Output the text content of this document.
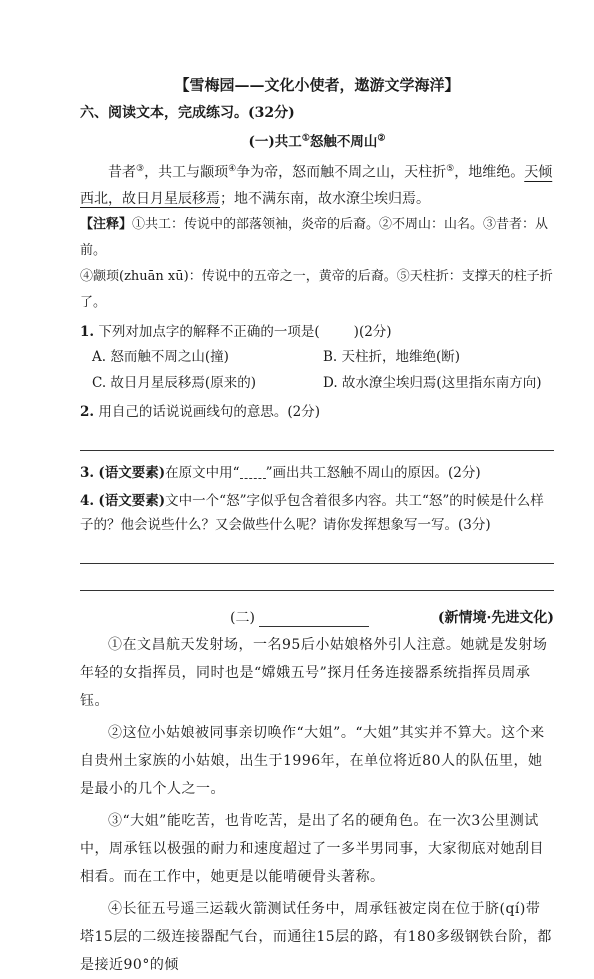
【雪梅园——文化小使者，遨游文学海洋】
六、阅读文本，完成练习。(32分)
(一)共工①怒触不周山②
昔者③，共工与颛顼④争为帝，怒而触不周之山，天柱折⑤，地维绝。天倾西北，故日月星辰移焉；地不满东南，故水潦尘埃归焉。
【注释】①共工：传说中的部落领袖，炎帝的后裔。②不周山：山名。③昔者：从前。
④颛顼(zhuān xū)：传说中的五帝之一，黄帝的后裔。⑤天柱折：支撑天的柱子折了。
1. 下列对加点字的解释不正确的一项是(	)(2分)
A. 怒而触不周之山(撞)	B. 天柱折，地维绝(断)
C. 故日月星辰移焉(原来的)	D. 故水潦尘埃归焉(这里指东南方向)
2. 用自己的话说说画线句的意思。(2分)
3. (语文要素)在原文中用“ ”画出共工怒触不周山的原因。(2分)
4. (语文要素)文中一个“怒”字似乎包含着很多内容。共工“怒”的时候是什么样
子的？他会说些什么？又会做些什么呢？请你发挥想象写一写。(3分)
(二)	(新情境·先进文化)
①在文昌航天发射场，一名95后小姑娘格外引人注意。她就是发射场年轻的女指挥员，同时也是“嫦娥五号”探月任务连接器系统指挥员周承钰。
②这位小姑娘被同事亲切唤作“大姐”。“大姐”其实并不算大。这个来自贵州土家族的小姑娘，出生于1996年，在单位将近80人的队伍里，她是最小的几个人之一。
③“大姐”能吃苦，也肯吃苦，是出了名的硬角色。在一次3公里测试中，周承钰以极强的耐力和速度超过了一多半男同事，大家彻底对她刮目相看。而在工作中，她更是以能啃硬骨头著称。
④长征五号遥三运载火箭测试任务中，周承钰被定岗在位于脐(qí)带塔15层的二级连接器配气台，而通往15层的路，有180多级钢铁台阶，都是接近90°的倾
